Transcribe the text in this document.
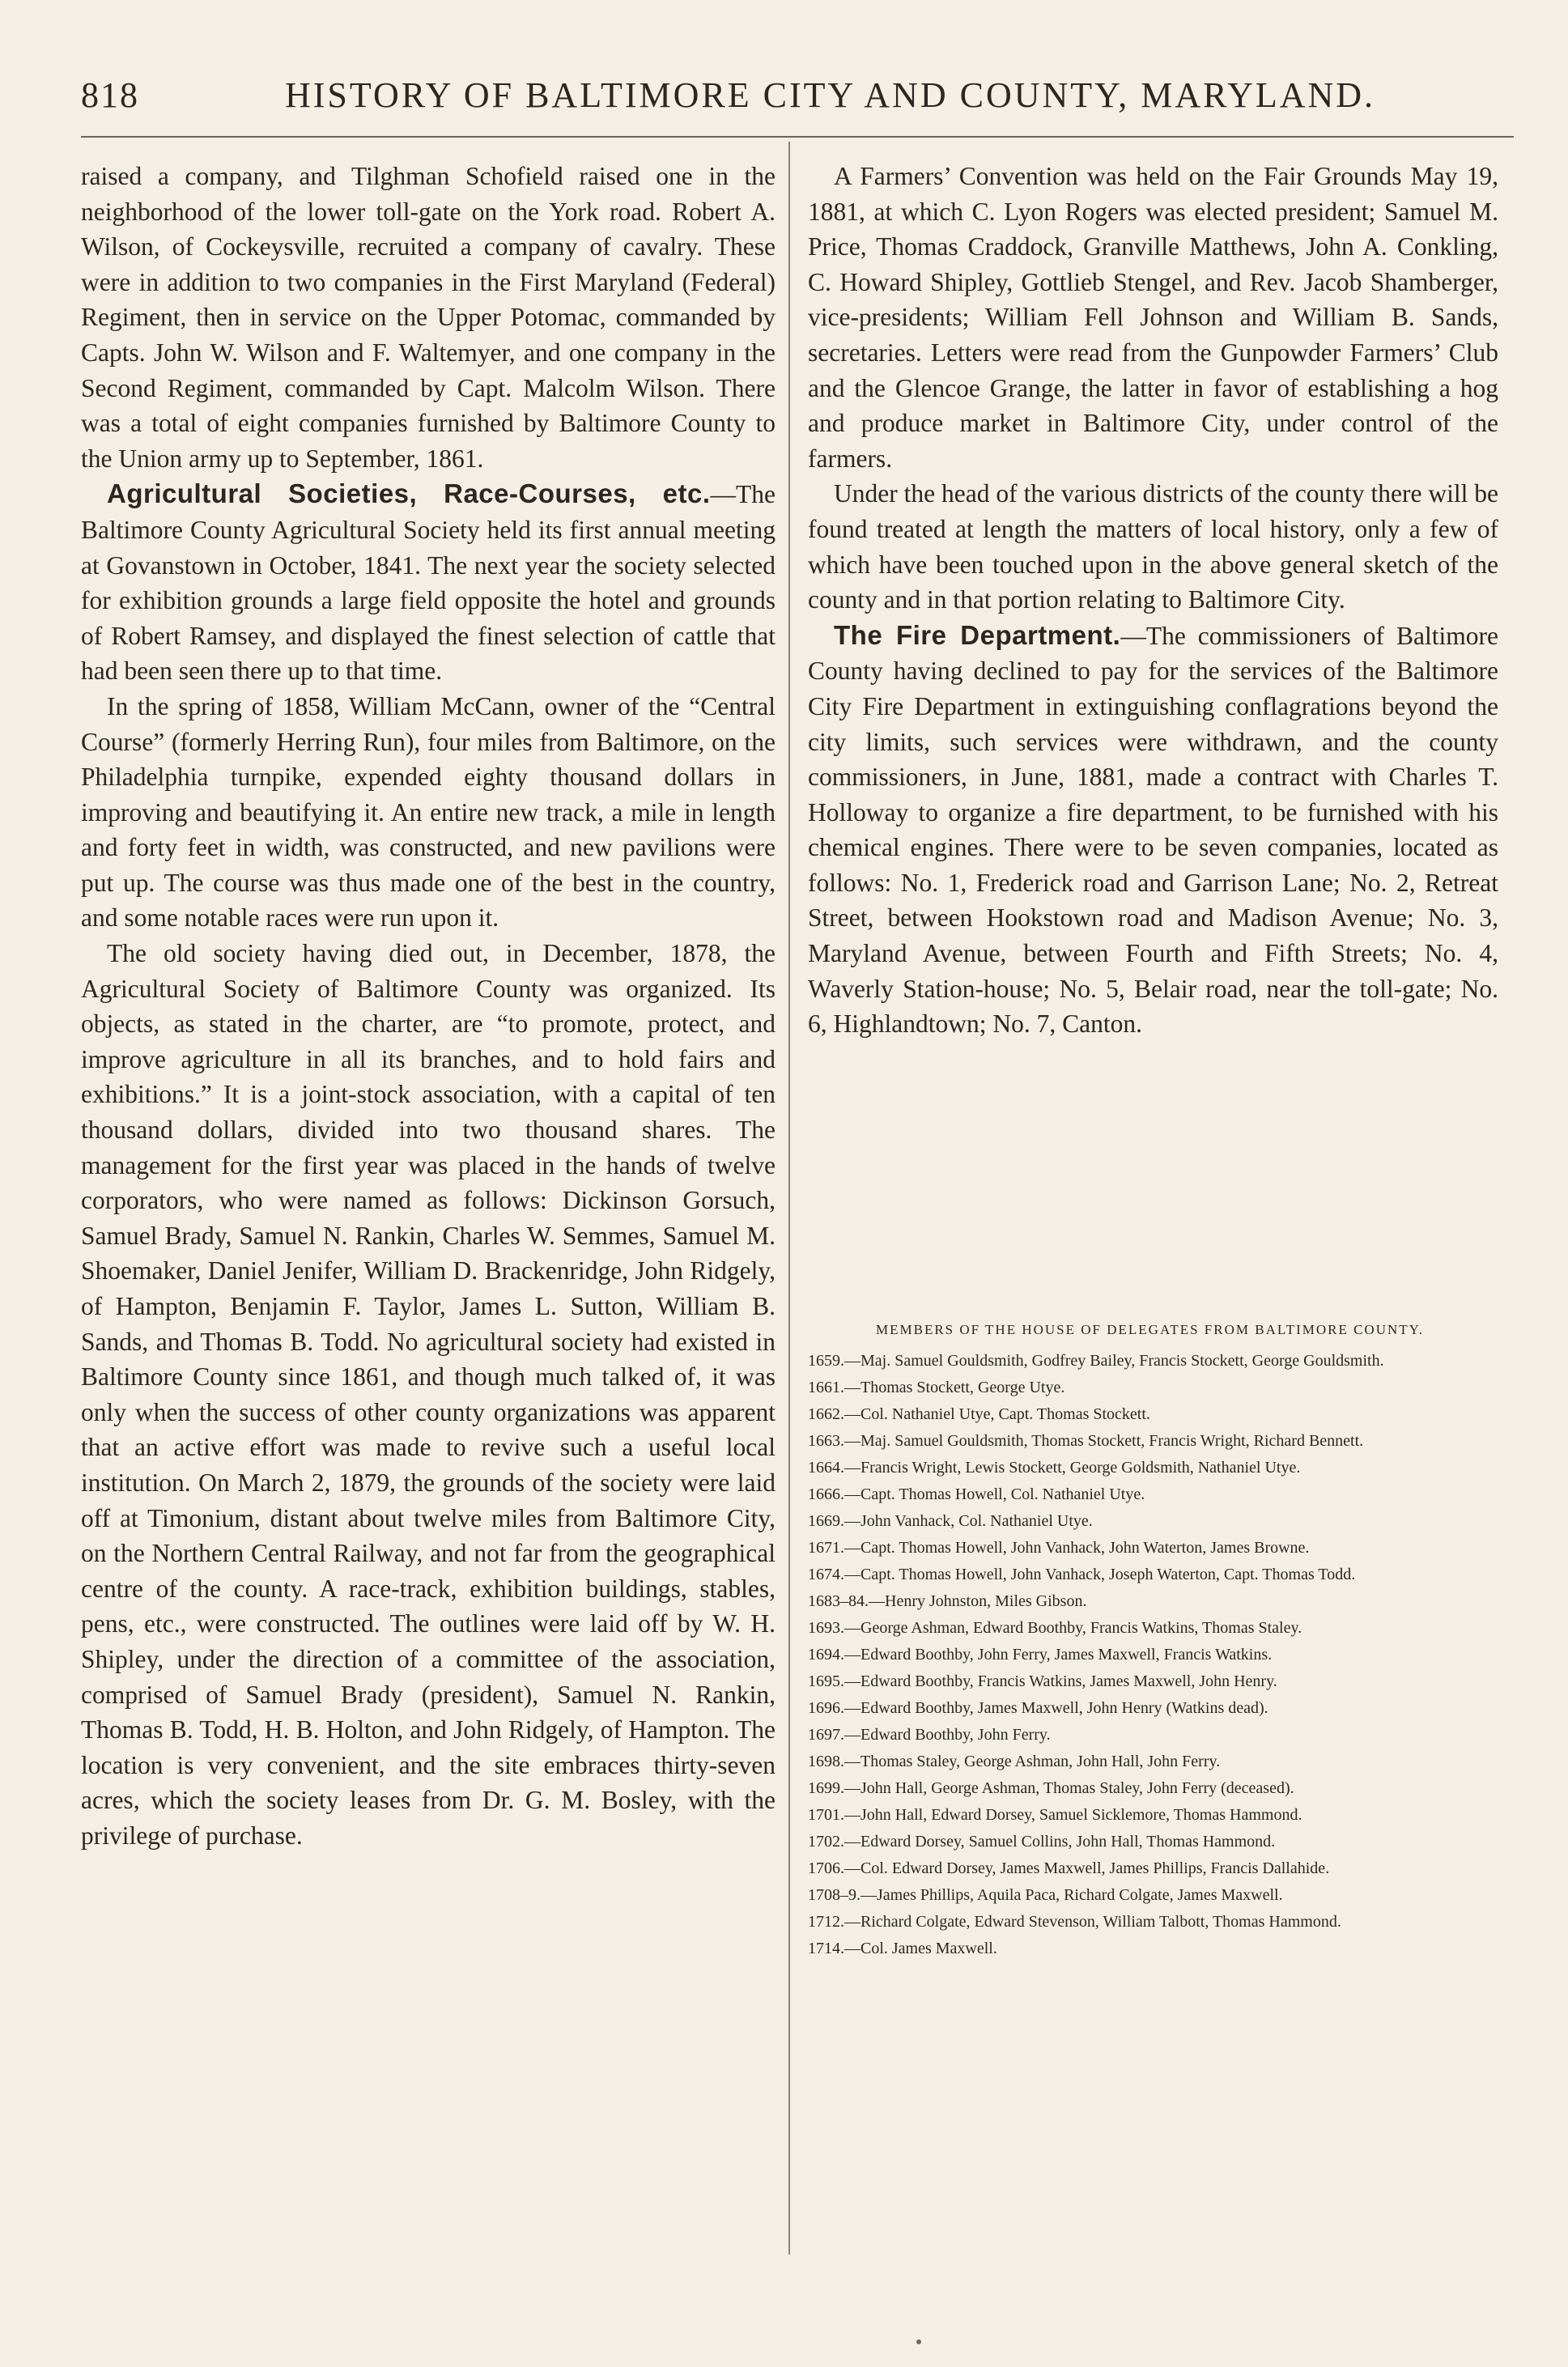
818	HISTORY OF BALTIMORE CITY AND COUNTY, MARYLAND.

raised a company, and Tilghman Schofield raised one in the neighborhood of the lower toll-gate on the York road. Robert A. Wilson, of Cockeysville, recruited a company of cavalry. These were in addition to two companies in the First Maryland (Federal) Regiment, then in service on the Upper Potomac, commanded by Capts. John W. Wilson and F. Waltemyer, and one company in the Second Regiment, commanded by Capt. Malcolm Wilson. There was a total of eight companies furnished by Baltimore County to the Union army up to September, 1861.

Agricultural Societies, Race-Courses, etc.—The Baltimore County Agricultural Society held its first annual meeting at Govanstown in October, 1841. The next year the society selected for exhibition grounds a large field opposite the hotel and grounds of Robert Ramsey, and displayed the finest selection of cattle that had been seen there up to that time.

In the spring of 1858, William McCann, owner of the “Central Course” (formerly Herring Run), four miles from Baltimore, on the Philadelphia turnpike, expended eighty thousand dollars in improving and beautifying it. An entire new track, a mile in length and forty feet in width, was constructed, and new pavilions were put up. The course was thus made one of the best in the country, and some notable races were run upon it.

The old society having died out, in December, 1878, the Agricultural Society of Baltimore County was organized. Its objects, as stated in the charter, are “to promote, protect, and improve agriculture in all its branches, and to hold fairs and exhibitions.” It is a joint-stock association, with a capital of ten thousand dollars, divided into two thousand shares. The management for the first year was placed in the hands of twelve corporators, who were named as follows: Dickinson Gorsuch, Samuel Brady, Samuel N. Rankin, Charles W. Semmes, Samuel M. Shoemaker, Daniel Jenifer, William D. Brackenridge, John Ridgely, of Hampton, Benjamin F. Taylor, James L. Sutton, William B. Sands, and Thomas B. Todd. No agricultural society had existed in Baltimore County since 1861, and though much talked of, it was only when the success of other county organizations was apparent that an active effort was made to revive such a useful local institution. On March 2, 1879, the grounds of the society were laid off at Timonium, distant about twelve miles from Baltimore City, on the Northern Central Railway, and not far from the geographical centre of the county. A race-track, exhibition buildings, stables, pens, etc., were constructed. The outlines were laid off by W. H. Shipley, under the direction of a committee of the association, comprised of Samuel Brady (president), Samuel N. Rankin, Thomas B. Todd, H. B. Holton, and John Ridgely, of Hampton. The location is very convenient, and the site embraces thirty-seven acres, which the society leases from Dr. G. M. Bosley, with the privilege of purchase.

A Farmers’ Convention was held on the Fair Grounds May 19, 1881, at which C. Lyon Rogers was elected president; Samuel M. Price, Thomas Craddock, Granville Matthews, John A. Conkling, C. Howard Shipley, Gottlieb Stengel, and Rev. Jacob Shamberger, vice-presidents; William Fell Johnson and William B. Sands, secretaries. Letters were read from the Gunpowder Farmers’ Club and the Glencoe Grange, the latter in favor of establishing a hog and produce market in Baltimore City, under control of the farmers.

Under the head of the various districts of the county there will be found treated at length the matters of local history, only a few of which have been touched upon in the above general sketch of the county and in that portion relating to Baltimore City.

The Fire Department.—The commissioners of Baltimore County having declined to pay for the services of the Baltimore City Fire Department in extinguishing conflagrations beyond the city limits, such services were withdrawn, and the county commissioners, in June, 1881, made a contract with Charles T. Holloway to organize a fire department, to be furnished with his chemical engines. There were to be seven companies, located as follows: No. 1, Frederick road and Garrison Lane; No. 2, Retreat Street, between Hookstown road and Madison Avenue; No. 3, Maryland Avenue, between Fourth and Fifth Streets; No. 4, Waverly Station-house; No. 5, Belair road, near the toll-gate; No. 6, Highlandtown; No. 7, Canton.

MEMBERS OF THE HOUSE OF DELEGATES FROM BALTIMORE COUNTY.
1659.—Maj. Samuel Gouldsmith, Godfrey Bailey, Francis Stockett, George Gouldsmith.
1661.—Thomas Stockett, George Utye.
1662.—Col. Nathaniel Utye, Capt. Thomas Stockett.
1663.—Maj. Samuel Gouldsmith, Thomas Stockett, Francis Wright, Richard Bennett.
1664.—Francis Wright, Lewis Stockett, George Goldsmith, Nathaniel Utye.
1666.—Capt. Thomas Howell, Col. Nathaniel Utye.
1669.—John Vanhack, Col. Nathaniel Utye.
1671.—Capt. Thomas Howell, John Vanhack, John Waterton, James Browne.
1674.—Capt. Thomas Howell, John Vanhack, Joseph Waterton, Capt. Thomas Todd.
1683–84.—Henry Johnston, Miles Gibson.
1693.—George Ashman, Edward Boothby, Francis Watkins, Thomas Staley.
1694.—Edward Boothby, John Ferry, James Maxwell, Francis Watkins.
1695.—Edward Boothby, Francis Watkins, James Maxwell, John Henry.
1696.—Edward Boothby, James Maxwell, John Henry (Watkins dead).
1697.—Edward Boothby, John Ferry.
1698.—Thomas Staley, George Ashman, John Hall, John Ferry.
1699.—John Hall, George Ashman, Thomas Staley, John Ferry (deceased).
1701.—John Hall, Edward Dorsey, Samuel Sicklemore, Thomas Hammond.
1702.—Edward Dorsey, Samuel Collins, John Hall, Thomas Hammond.
1706.—Col. Edward Dorsey, James Maxwell, James Phillips, Francis Dallahide.
1708–9.—James Phillips, Aquila Paca, Richard Colgate, James Maxwell.
1712.—Richard Colgate, Edward Stevenson, William Talbott, Thomas Hammond.
1714.—Col. James Maxwell.
